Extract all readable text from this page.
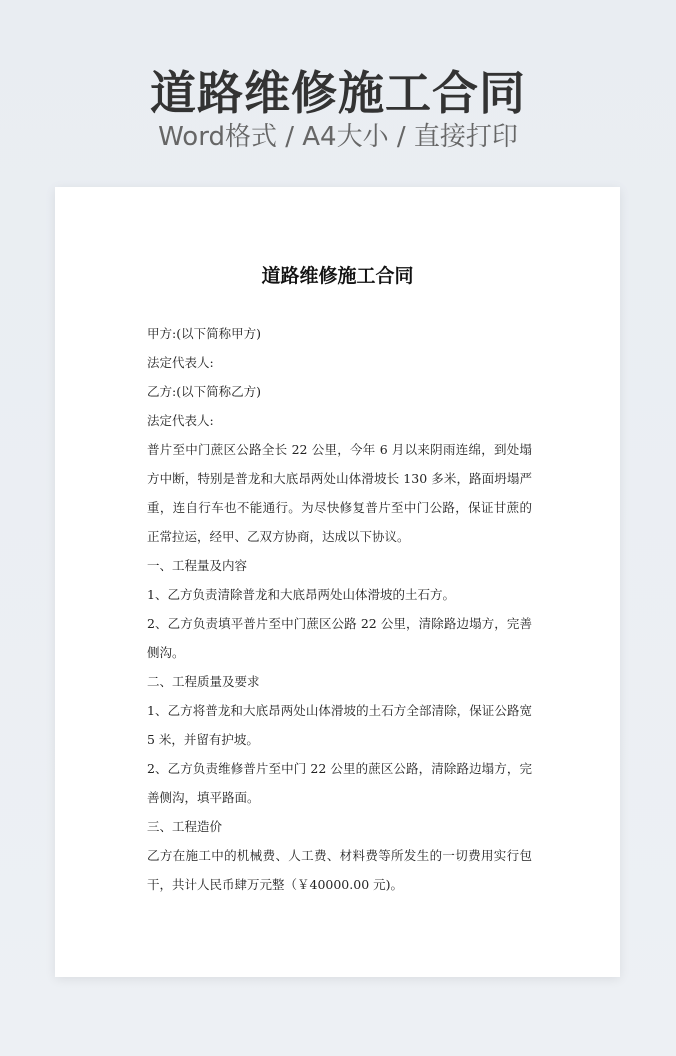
道路维修施工合同
Word格式 / A4大小 / 直接打印
道路维修施工合同

甲方:(以下简称甲方)

法定代表人:

乙方:(以下简称乙方)

法定代表人:

普片至中门蔗区公路全长 22 公里，今年 6 月以来阴雨连绵，到处塌方中断，特别是普龙和大底昂两处山体滑坡长 130 多米，路面坍塌严重，连自行车也不能通行。为尽快修复普片至中门公路，保证甘蔗的正常拉运，经甲、乙双方协商，达成以下协议。

一、工程量及内容

1、乙方负责清除普龙和大底昂两处山体滑坡的土石方。

2、乙方负责填平普片至中门蔗区公路 22 公里，清除路边塌方，完善侧沟。

二、工程质量及要求

1、乙方将普龙和大底昂两处山体滑坡的土石方全部清除，保证公路宽 5 米，并留有护坡。

2、乙方负责维修普片至中门 22 公里的蔗区公路，清除路边塌方，完善侧沟，填平路面。

三、工程造价

乙方在施工中的机械费、人工费、材料费等所发生的一切费用实行包干，共计人民币肆万元整（￥40000.00 元)。
